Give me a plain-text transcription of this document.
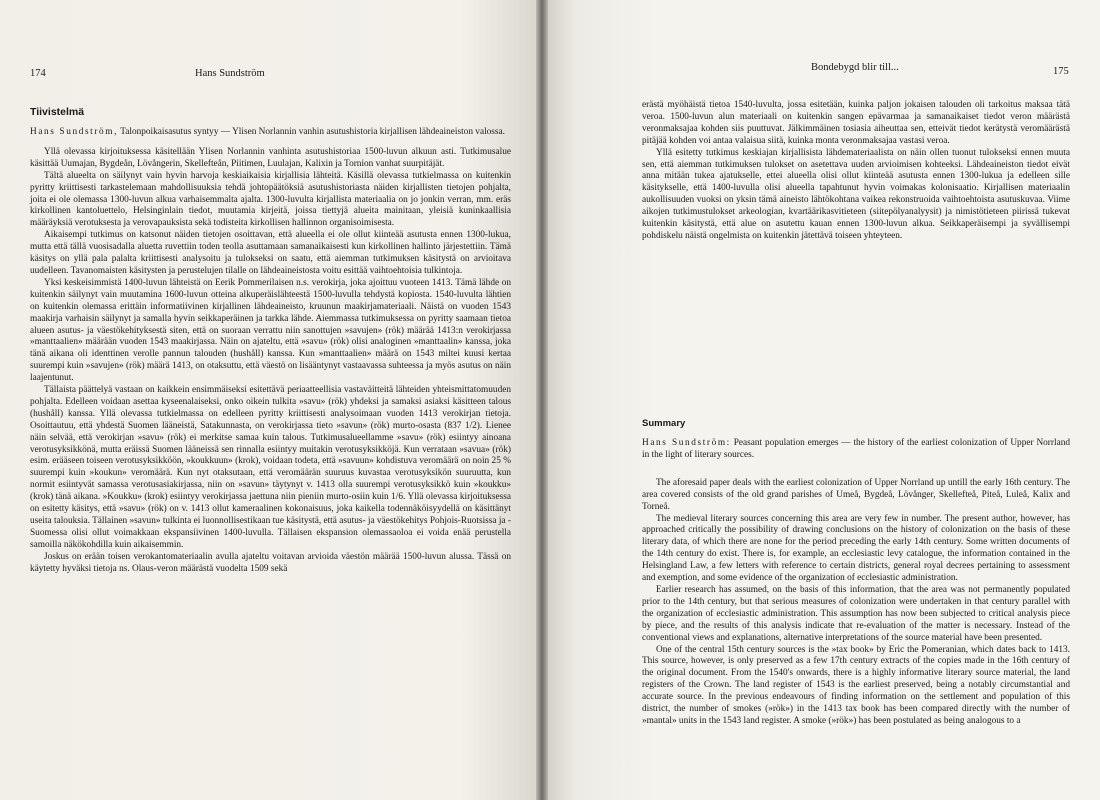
174	Hans Sundström
Tiivistelmä

Hans Sundström, Talonpoikaisasutus syntyy — Ylisen Norlannin vanhin asutushistoria kirjallisen lähdeaineiston valossa.

Yllä olevassa kirjoituksessa käsitellään Ylisen Norlannin vanhinta asutushistoriaa 1500-luvun alkuun asti. Tutkimusalue käsittää Uumajan, Bygdeån, Lövångerin, Skelleftеån, Piitimen, Luulajan, Kalixin ja Tornion vanhat suurpitäjät.

Tältä alueelta on säilynyt vain hyvin harvoja keskiaikaisia kirjallisia lähteitä. Käsillä olevassa tutkielmassa on kuitenkin pyritty kriittisesti tarkastelemaan mahdollisuuksia tehdä johtopäätöksiä asutushistoriasta näiden kirjallisten tietojen pohjalta, joita ei ole olemassa 1300-luvun alkua varhaisemmalta ajalta. 1300-luvulta kirjallista materiaalia on jo jonkin verran, mm. eräs kirkollinen kantoluettelo, Helsinginlain tiedot, muutamia kirjeitä, joissa tiettyjä alueita mainitaan, yleisiä kuninkaallisia määräyksiä verotuksesta ja verovapauksista sekä todisteita kirkollisen hallinnon organisoimisesta.

Aikaisempi tutkimus on katsonut näiden tietojen osoittavan, että alueella ei ole ollut kiinteää asutusta ennen 1300-lukua, mutta että tällä vuosisadalla aluetta ruvettiin toden teolla asuttamaan samanaikaisesti kun kirkollinen hallinto järjestettiin. Tämä käsitys on yllä pala palalta kriittisesti analysoitu ja tulokseksi on saatu, että aiemman tutkimuksen käsitystä on arvioitava uudelleen. Tavanomaisten käsitysten ja perustelujen tilalle on lähdeaineistosta voitu esittää vaihtoehtoisia tulkintoja.

Yksi keskeisimmistä 1400-luvun lähteistä on Eerik Pommerilaisen n.s. verokirja, joka ajoittuu vuoteen 1413. Tämä lähde on kuitenkin säilynyt vain muutamina 1600-luvun otteina alkuperäislähteestä 1500-luvulla tehdystä kopiosta. 1540-luvulta lähtien on kuitenkin olemassa erittäin informatiivinen kirjallinen lähdeaineisto, kruunun maakirjamateriaali. Näistä on vuoden 1543 maakirja varhaisin säilynyt ja samalla hyvin seikkaperäinen ja tarkka lähde. Aiemmassa tutkimuksessa on pyritty saamaan tietoa alueen asutus- ja väestökehityksestä siten, että on suoraan verrattu niin sanottujen »savujen» (rök) määrää 1413:n verokirjassa »manttaalien» määrään vuoden 1543 maakirjassa. Näin on ajateltu, että »savu» (rök) olisi analoginen »manttaalin» kanssa, joka tänä aikana oli identtinen verolle pannun talouden (hushåll) kanssa. Kun »manttaalien» määrä on 1543 miltei kuusi kertaa suurempi kuin »savujen» (rök) määrä 1413, on otaksuttu, että väestö on lisääntynyt vastaavassa suhteessa ja myös asutus on näin laajentunut.

Tällaista päättelyä vastaan on kaikkein ensimmäiseksi esitettävä periaatteellisia vastaväitteitä lähteiden yhteismittatomuuden pohjalta. Edelleen voidaan asettaa kyseenalaiseksi, onko oikein tulkita »savu» (rök) yhdeksi ja samaksi asiaksi käsitteen talous (hushåll) kanssa. Yllä olevassa tutkielmassa on edelleen pyritty kriittisesti analysoimaan vuoden 1413 verokirjan tietoja. Osoittautuu, että yhdestä Suomen lääneistä, Satakunnasta, on verokirjassa tieto »savun» (rök) murto-osasta (837 1/2). Lienee näin selvää, että verokirjan »savu» (rök) ei merkitse samaa kuin talous. Tutkimusalueellamme »savu» (rök) esiintyy ainoana verotusyksikkönä, mutta eräissä Suomen lääneissä sen rinnalla esiintyy muitakin verotusyksikköjä. Kun verrataan »savua» (rök) esim. erääseen toiseen verotusyksikköön, »koukkuun» (krok), voidaan todeta, että »savuun» kohdistuva veromäärä on noin 25 % suurempi kuin »koukun» veromäärä. Kun nyt otaksutaan, että veromäärän suuruus kuvastaa verotusyksikön suuruutta, kun normit esiintyvät samassa verotusasiakirjassa, niin on »savun» täytynyt v. 1413 olla suurempi verotusyksikkö kuin »koukku» (krok) tänä aikana. »Koukku» (krok) esiintyy verokirjassa jaettuna niin pieniin murto-osiin kuin 1/6. Yllä olevassa kirjoituksessa on esitetty käsitys, että »savu» (rök) on v. 1413 ollut kameraalinen kokonaisuus, joka kaikella todennäköisyydellä on käsittänyt useita talouksia. Tällainen »savun» tulkinta ei luonnollisestikaan tue käsitystä, että asutus- ja väestökehitys Pohjois-Ruotsissa ja -Suomessa olisi ollut voimakkaan ekspansiivinen 1400-luvulla. Tällaisen ekspansion olemassaoloa ei voida enää perustella samoilla näkökohdilla kuin aikaisemmin.

Joskus on erään toisen verokantomateriaalin avulla ajateltu voitavan arvioida väestön määrää 1500-luvun alussa. Tässä on käytetty hyväksi tietoja ns. Olaus-veron määrästä vuodelta 1509 sekä

Bondebygd blir till...	175

erästä myöhäistä tietoa 1540-luvulta, jossa esitetään, kuinka paljon jokaisen talouden oli tarkoitus maksaa tätä veroa. 1500-luvun alun materiaali on kuitenkin sangen epävarmaa ja samanaikaiset tiedot veron määrästä veronmaksajaa kohden siis puuttuvat. Jälkimmäinen tosiasia aiheuttaa sen, etteivät tiedot kerätystä veromäärästä pitäjää kohden voi antaa valaisua siitä, kuinka monta veronmaksajaa vastasi veroa.

Yllä esitetty tutkimus keskiajan kirjallisista lähdemateriaalista on näin ollen tuonut tulokseksi ennen muuta sen, että aiemman tutkimuksen tulokset on asetettava uuden arvioimisen kohteeksi. Lähdeaineiston tiedot eivät anna mitään tukea ajatukselle, ettei alueella olisi ollut kiinteää asutusta ennen 1300-lukua ja edelleen sille käsitykselle, että 1400-luvulla olisi alueella tapahtunut hyvin voimakas kolonisaatio. Kirjallisen materiaalin aukollisuuden vuoksi on yksin tämä aineisto lähtökohtana vaikea rekonstruoida vaihtoehtoista asutuskuvaa. Viime aikojen tutkimustulokset arkeologian, kvartäärikasvitieteen (siitepölyanalyysit) ja nimistötieteen piirissä tukevat kuitenkin käsitystä, että alue on asutettu kauan ennen 1300-luvun alkua. Seikkaperäisempi ja syvällisempi pohdiskelu näistä ongelmista on kuitenkin jätettävä toiseen yhteyteen.

Summary

Hans Sundström: Peasant population emerges — the history of the earliest colonization of Upper Norrland in the light of literary sources.

The aforesaid paper deals with the earliest colonization of Upper Norrland up untill the early 16th century. The area covered consists of the old grand parishes of Umeå, Bygdeå, Lövånger, Skellefteå, Piteå, Luleå, Kalix and Torneå.

The medieval literary sources concerning this area are very few in number. The present author, however, has approached critically the possibility of drawing conclusions on the history of colonization on the basis of these literary data, of which there are none for the period preceding the early 14th century. Some written documents of the 14th century do exist. There is, for example, an ecclesiastic levy catalogue, the information contained in the Helsingland Law, a few letters with reference to certain districts, general royal decrees pertaining to assessment and exemption, and some evidence of the organization of ecclesiastic administration.

Earlier research has assumed, on the basis of this information, that the area was not permanently populated prior to the 14th century, but that serious measures of colonization were undertaken in that century parallel with the organization of ecclesiastic administration. This assumption has now been subjected to critical analysis piece by piece, and the results of this analysis indicate that re-evaluation of the matter is necessary. Instead of the conventional views and explanations, alternative interpretations of the source material have been presented.

One of the central 15th century sources is the »tax book» by Eric the Pomeranian, which dates back to 1413. This source, however, is only preserved as a few 17th century extracts of the copies made in the 16th century of the original document. From the 1540's onwards, there is a highly informative literary source material, the land registers of the Crown. The land register of 1543 is the earliest preserved, being a notably circumstantial and accurate source. In the previous endeavours of finding information on the settlement and population of this district, the number of smokes (»rök») in the 1413 tax book has been compared directly with the number of »mantal» units in the 1543 land register. A smoke (»rök») has been postulated as being analogous to a
